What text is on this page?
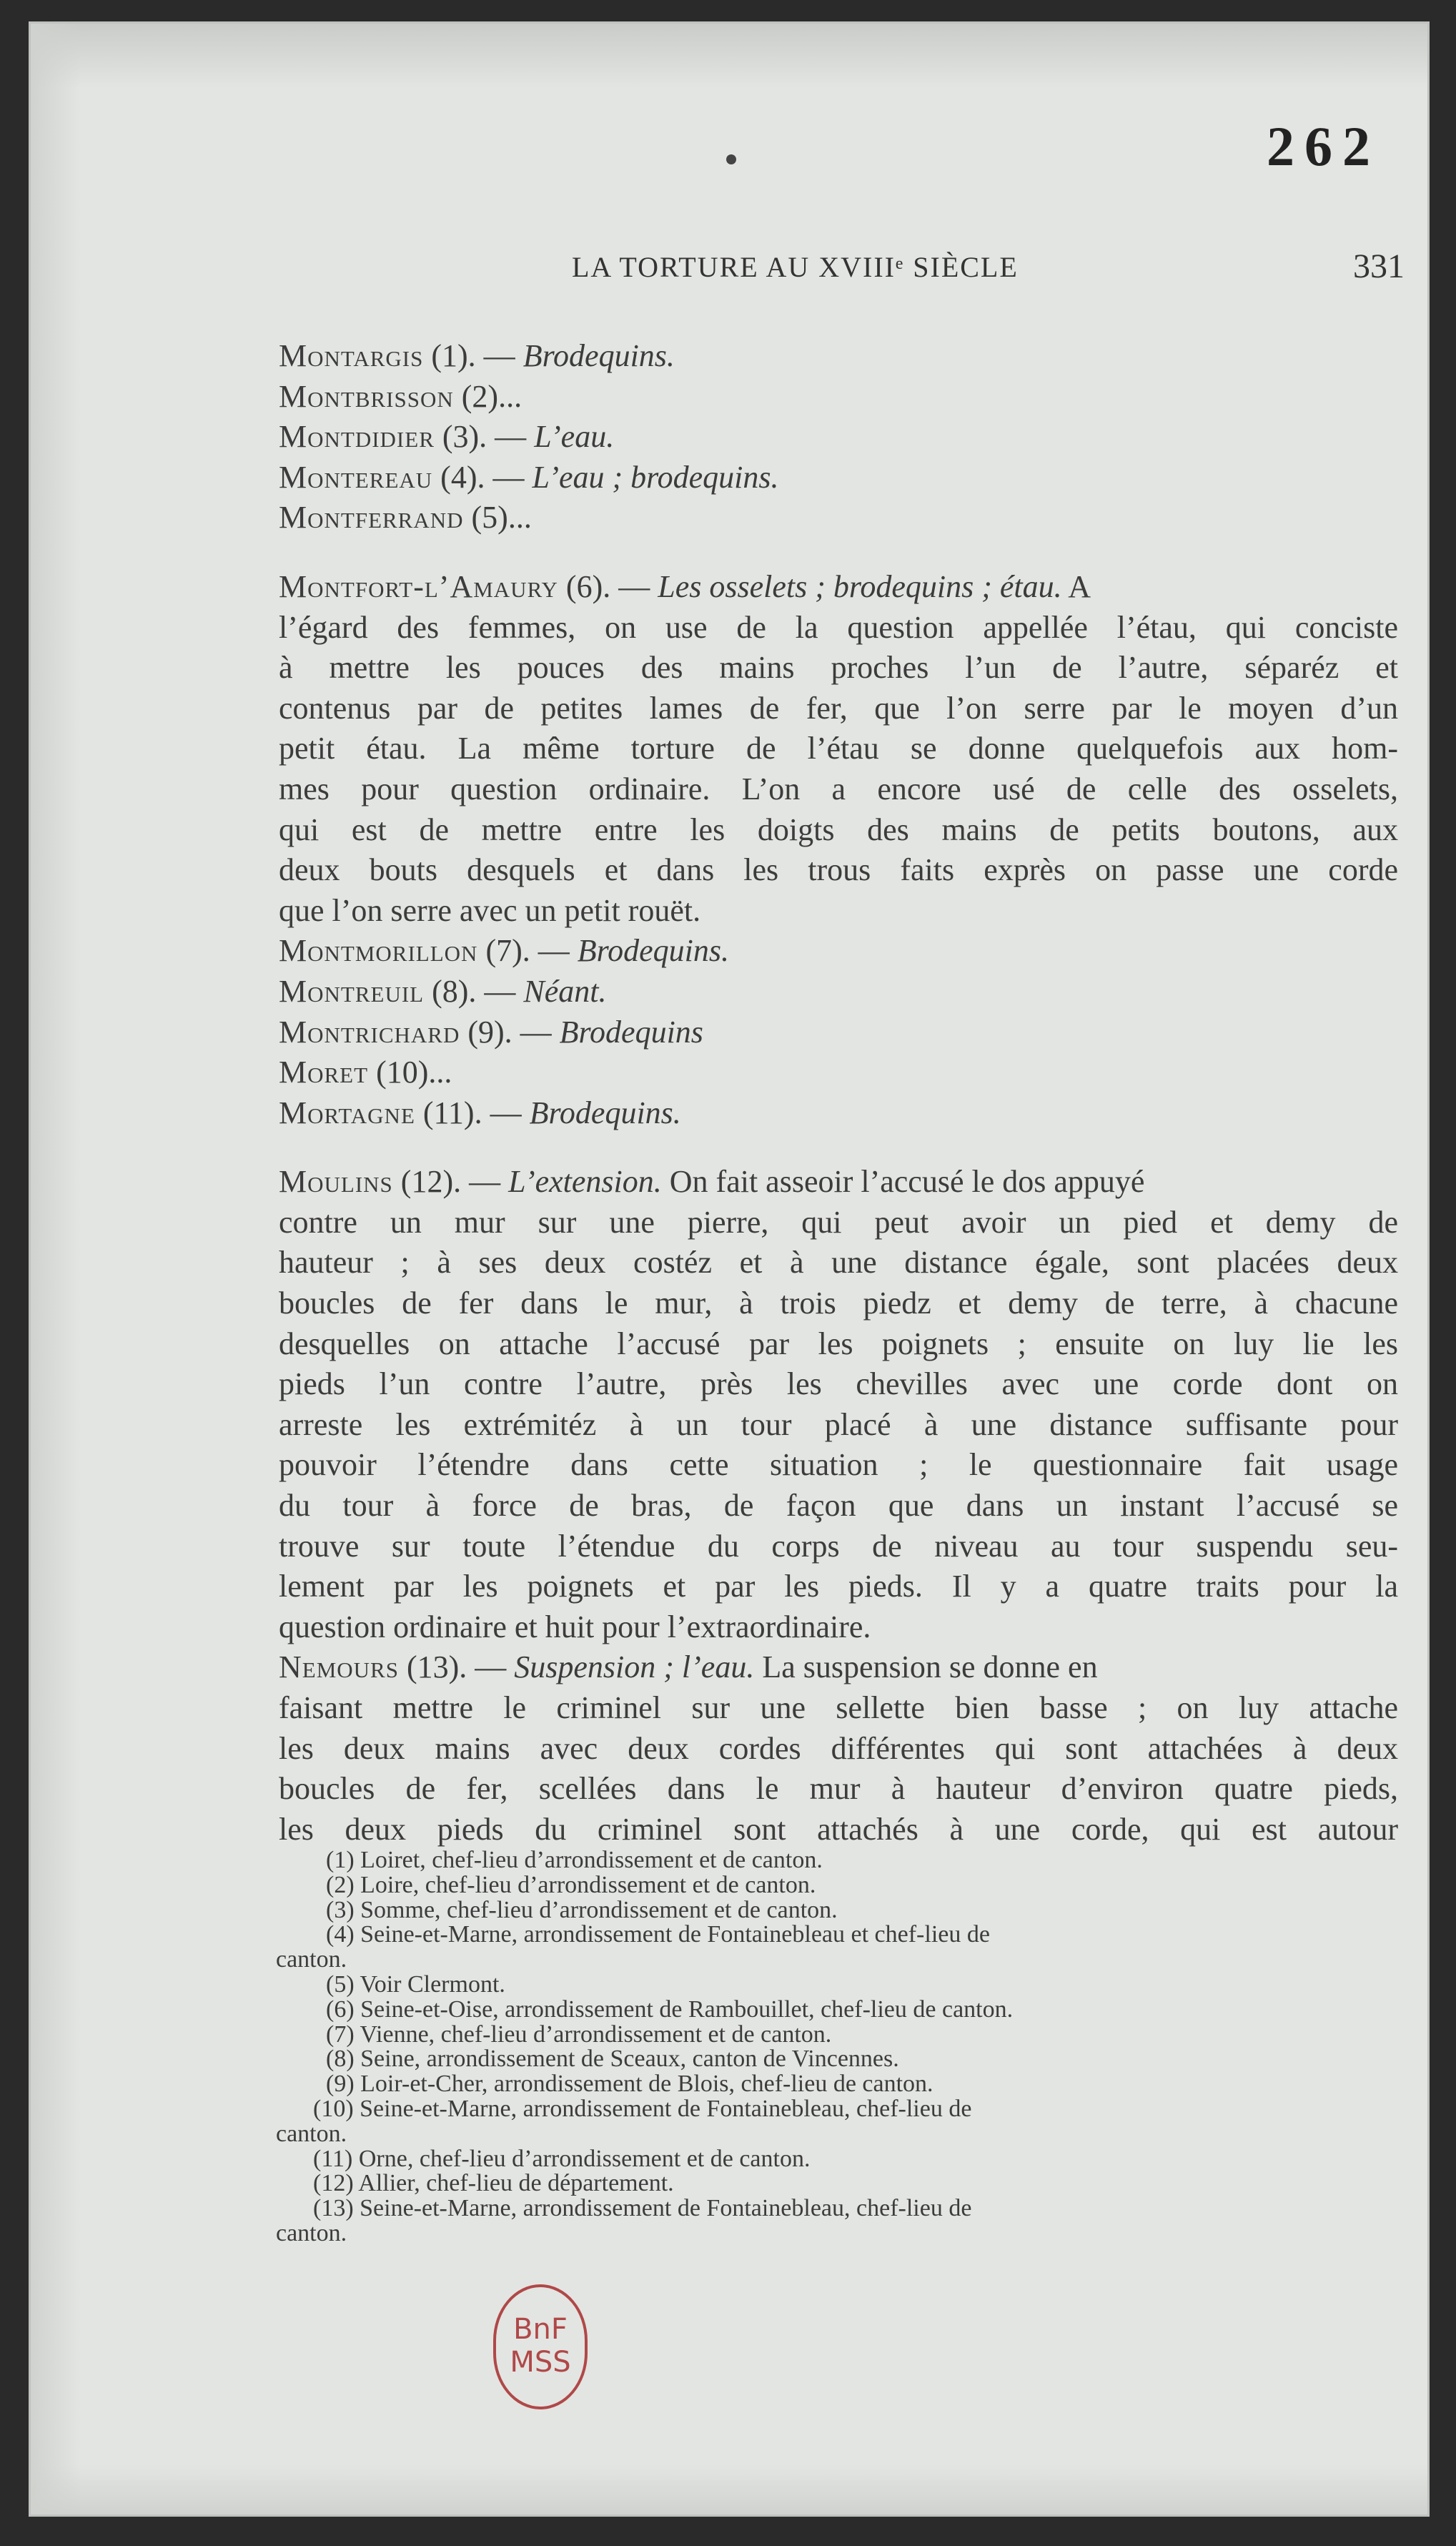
262
LA TORTURE AU XVIIIᵉ SIÈCLE	331
Montargis (1). — Brodequins.
Montbrisson (2)...
Montdidier (3). — L’eau.
Montereau (4). — L’eau ; brodequins.
Montferrand (5)...
Montfort-l’Amaury (6). — Les osselets ; brodequins ; étau. A
l’égard des femmes, on use de la question appellée l’étau, qui conciste
à mettre les pouces des mains proches l’un de l’autre, séparéz et
contenus par de petites lames de fer, que l’on serre par le moyen d’un
petit étau. La même torture de l’étau se donne quelquefois aux hom-
mes pour question ordinaire. L’on a encore usé de celle des osselets,
qui est de mettre entre les doigts des mains de petits boutons, aux
deux bouts desquels et dans les trous faits exprès on passe une corde
que l’on serre avec un petit rouët.
Montmorillon (7). — Brodequins.
Montreuil (8). — Néant.
Montrichard (9). — Brodequins
Moret (10)...
Mortagne (11). — Brodequins.
Moulins (12). — L’extension. On fait asseoir l’accusé le dos appuyé
contre un mur sur une pierre, qui peut avoir un pied et demy de
hauteur ; à ses deux costéz et à une distance égale, sont placées deux
boucles de fer dans le mur, à trois piedz et demy de terre, à chacune
desquelles on attache l’accusé par les poignets ; ensuite on luy lie les
pieds l’un contre l’autre, près les chevilles avec une corde dont on
arreste les extrémitéz à un tour placé à une distance suffisante pour
pouvoir l’étendre dans cette situation ; le questionnaire fait usage
du tour à force de bras, de façon que dans un instant l’accusé se
trouve sur toute l’étendue du corps de niveau au tour suspendu seu-
lement par les poignets et par les pieds. Il y a quatre traits pour la
question ordinaire et huit pour l’extraordinaire.
Nemours (13). — Suspension ; l’eau. La suspension se donne en
faisant mettre le criminel sur une sellette bien basse ; on luy attache
les deux mains avec deux cordes différentes qui sont attachées à deux
boucles de fer, scellées dans le mur à hauteur d’environ quatre pieds,
les deux pieds du criminel sont attachés à une corde, qui est autour
(1) Loiret, chef-lieu d’arrondissement et de canton.
(2) Loire, chef-lieu d’arrondissement et de canton.
(3) Somme, chef-lieu d’arrondissement et de canton.
(4) Seine-et-Marne, arrondissement de Fontainebleau et chef-lieu de
canton.
(5) Voir Clermont.
(6) Seine-et-Oise, arrondissement de Rambouillet, chef-lieu de canton.
(7) Vienne, chef-lieu d’arrondissement et de canton.
(8) Seine, arrondissement de Sceaux, canton de Vincennes.
(9) Loir-et-Cher, arrondissement de Blois, chef-lieu de canton.
(10) Seine-et-Marne, arrondissement de Fontainebleau, chef-lieu de
canton.
(11) Orne, chef-lieu d’arrondissement et de canton.
(12) Allier, chef-lieu de département.
(13) Seine-et-Marne, arrondissement de Fontainebleau, chef-lieu de
canton.
BnF
MSS
